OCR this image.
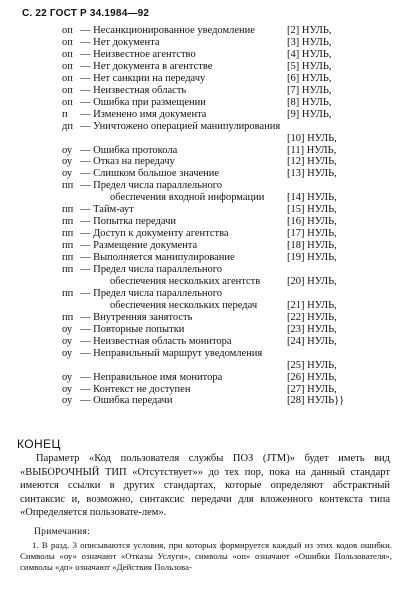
С. 22 ГОСТ Р 34.1984—92
оп — Несанкционированное уведомление	[2] НУЛЬ,
оп — Нет документа	[3] НУЛЬ,
оп — Неизвестное агентство	[4] НУЛЬ,
оп — Нет документа в агентстве	[5] НУЛЬ,
оп — Нет санкции на передачу	[6] НУЛЬ,
оп — Неизвестная область	[7] НУЛЬ,
оп — Ошибка при размещении	[8] НУЛЬ,
п	— Изменено имя документа	[9] НУЛЬ,
дп — Уничтожено операцией манипулирования
[10] НУЛЬ,
оу — Ошибка протокола	[11] НУЛЬ,
оу — Отказ на передачу	[12] НУЛЬ,
оу — Слишком большое значение	[13] НУЛЬ,
пп — Предел числа параллельного
обеспечения входной информации [14] НУЛЬ,
пп — Тайм-аут	[15] НУЛЬ,
пп — Попытка передачи	[16] НУЛЬ,
пп — Доступ к документу агентства	[17] НУЛЬ,
пп — Размещение документа	[18] НУЛЬ,
пп — Выполняется манипулирование	[19] НУЛЬ,
пп — Предел числа параллельного
обеспечения нескольких агентств	[20] НУЛЬ,
пп — Предел числа параллельного
обеспечения нескольких передач	[21] НУЛЬ,
пп — Внутренняя занятость	[22] НУЛЬ,
оу — Повторные попытки	[23] НУЛЬ,
оу — Неизвестная область монитора	[24] НУЛЬ,
оу — Неправильный маршрут уведомления
[25] НУЛЬ,
оу — Неправильное имя монитора	[26] НУЛЬ,
оу — Контекст не доступен	[27] НУЛЬ,
оу — Ошибка передачи	[28] НУЛЬ}}
КОНЕЦ
Параметр «Код пользователя службы ПОЗ (JTM)» будет иметь вид «ВЫБОРОЧНЫЙ ТИП «Отсутствует»» до тех пор, пока на данный стандарт имеются ссылки в других стандартах, которые определяют абстрактный синтаксис и, возможно, синтаксис передачи для вложенного контекста типа «Определяется пользовате-лем».
Примечания:
1. В разд. 3 описываются условия, при которых формируется каждый из этих кодов ошибки. Символы «оу» означают «Отказы Услуги», символы «оп» означают «Ошибки Пользователя», символы «дп» означают «Действия Пользова-
